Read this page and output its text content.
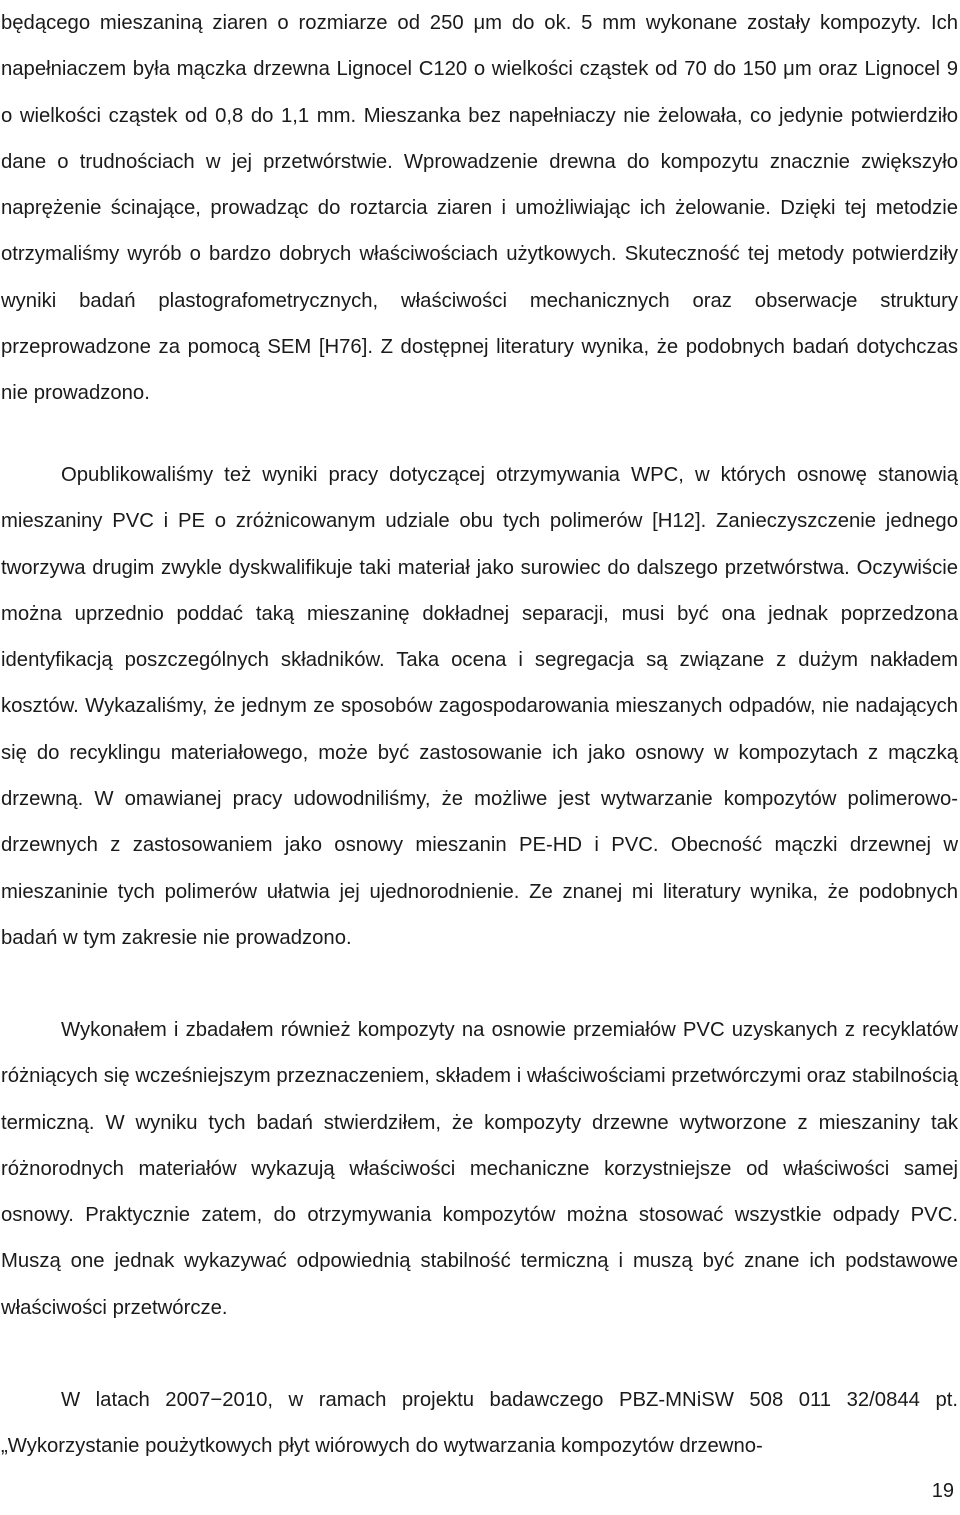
będącego mieszaniną ziaren o rozmiarze od 250 μm do ok. 5 mm wykonane zostały kompozyty. Ich napełniaczem była mączka drzewna Lignocel C120 o wielkości cząstek od 70 do 150 μm oraz Lignocel 9 o wielkości cząstek od 0,8 do 1,1 mm. Mieszanka bez napełniaczy nie żelowała, co jedynie potwierdziło dane o trudnościach w jej przetwórstwie. Wprowadzenie drewna do kompozytu znacznie zwiększyło naprężenie ścinające, prowadząc do roztarcia ziaren i umożliwiając ich żelowanie. Dzięki tej metodzie otrzymaliśmy wyrób o bardzo dobrych właściwościach użytkowych. Skuteczność tej metody potwierdziły wyniki badań plastografometrycznych, właściwości mechanicznych oraz obserwacje struktury przeprowadzone za pomocą SEM [H76]. Z dostępnej literatury wynika, że podobnych badań dotychczas nie prowadzono.

Opublikowaliśmy też wyniki pracy dotyczącej otrzymywania WPC, w których osnowę stanowią mieszaniny PVC i PE o zróżnicowanym udziale obu tych polimerów [H12]. Zanieczyszczenie jednego tworzywa drugim zwykle dyskwalifikuje taki materiał jako surowiec do dalszego przetwórstwa. Oczywiście można uprzednio poddać taką mieszaninę dokładnej separacji, musi być ona jednak poprzedzona identyfikacją poszczególnych składników. Taka ocena i segregacja są związane z dużym nakładem kosztów. Wykazaliśmy, że jednym ze sposobów zagospodarowania mieszanych odpadów, nie nadających się do recyklingu materiałowego, może być zastosowanie ich jako osnowy w kompozytach z mączką drzewną. W omawianej pracy udowodniliśmy, że możliwe jest wytwarzanie kompozytów polimerowo-drzewnych z zastosowaniem jako osnowy mieszanin PE-HD i PVC. Obecność mączki drzewnej w mieszaninie tych polimerów ułatwia jej ujednorodnienie. Ze znanej mi literatury wynika, że podobnych badań w tym zakresie nie prowadzono.

Wykonałem i zbadałem również kompozyty na osnowie przemiałów PVC uzyskanych z recyklatów różniących się wcześniejszym przeznaczeniem, składem i właściwościami przetwórczymi oraz stabilnością termiczną. W wyniku tych badań stwierdziłem, że kompozyty drzewne wytworzone z mieszaniny tak różnorodnych materiałów wykazują właściwości mechaniczne korzystniejsze od właściwości samej osnowy. Praktycznie zatem, do otrzymywania kompozytów można stosować wszystkie odpady PVC. Muszą one jednak wykazywać odpowiednią stabilność termiczną i muszą być znane ich podstawowe właściwości przetwórcze.

W latach 2007−2010, w ramach projektu badawczego PBZ-MNiSW 508 011 32/0844 pt. „Wykorzystanie poużytkowych płyt wiórowych do wytwarzania kompozytów drzewno-

19
